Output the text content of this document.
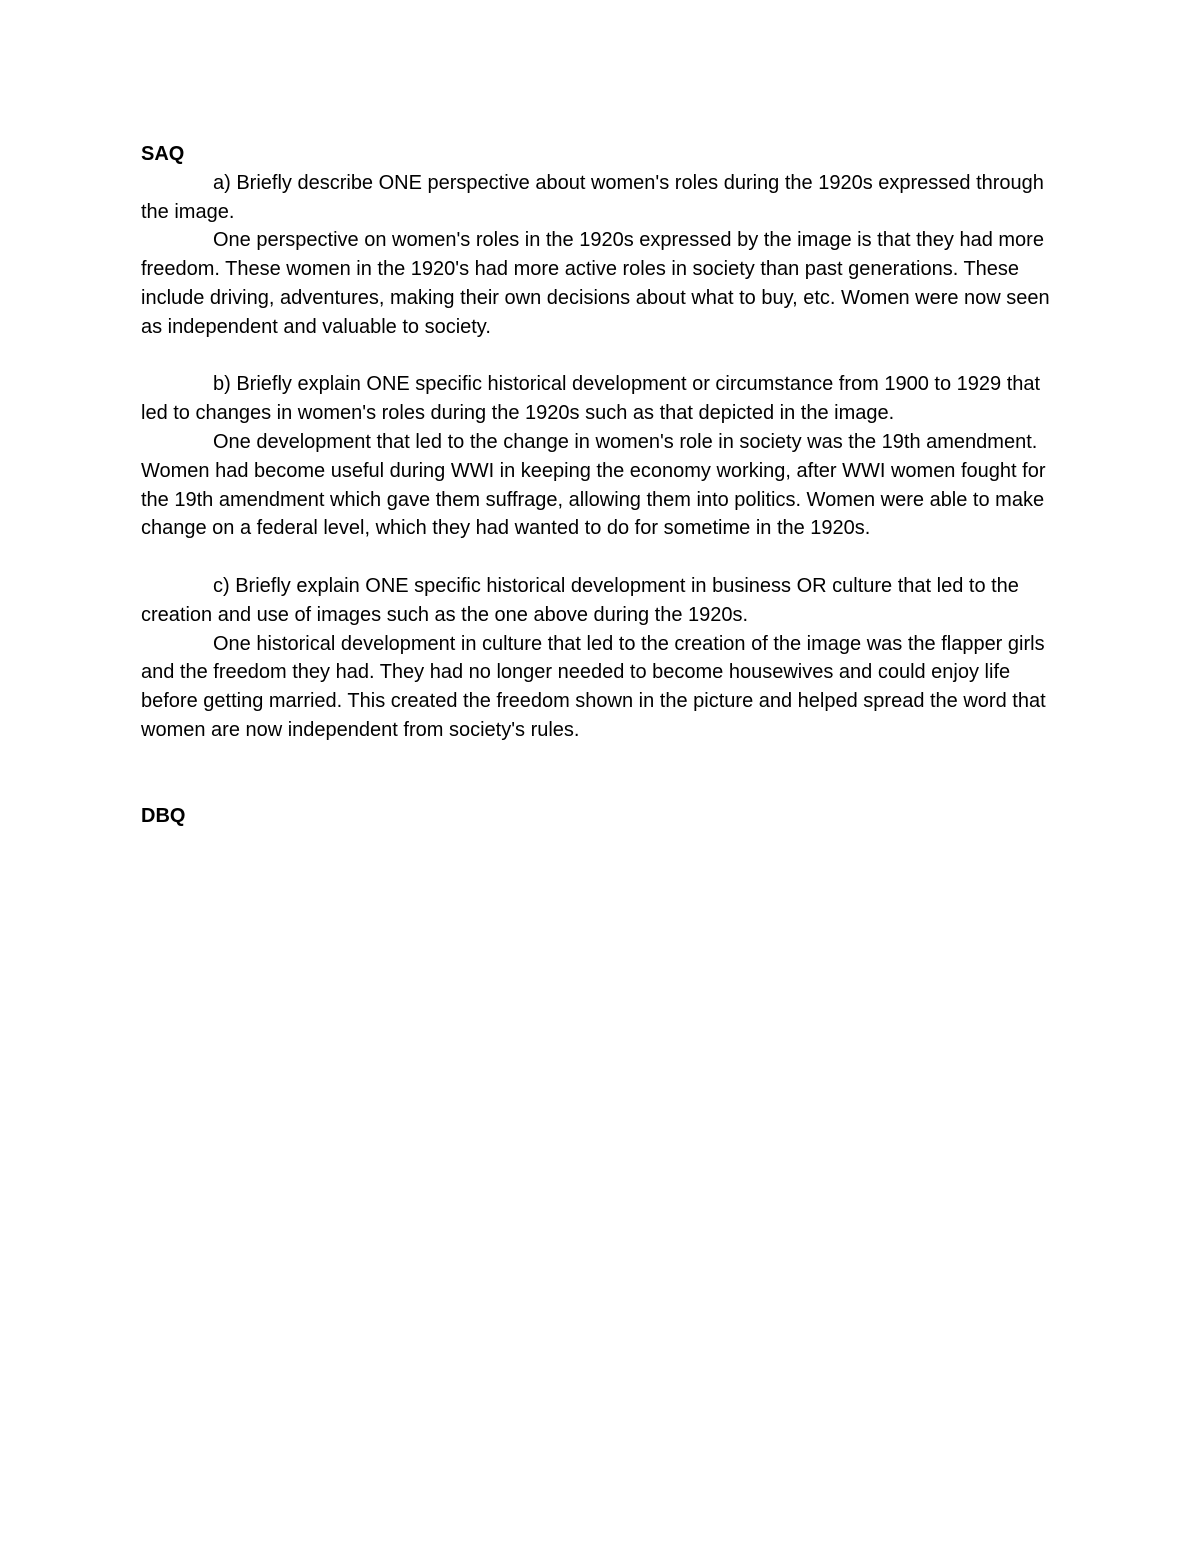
SAQ

a) Briefly describe ONE perspective about women's roles during the 1920s expressed through the image.

One perspective on women's roles in the 1920s expressed by the image is that they had more freedom. These women in the 1920's had more active roles in society than past generations. These include driving, adventures, making their own decisions about what to buy, etc. Women were now seen as independent and valuable to society.

b) Briefly explain ONE specific historical development or circumstance from 1900 to 1929 that led to changes in women's roles during the 1920s such as that depicted in the image.

One development that led to the change in women's role in society was the 19th amendment. Women had become useful during WWI in keeping the economy working, after WWI women fought for the 19th amendment which gave them suffrage, allowing them into politics. Women were able to make change on a federal level, which they had wanted to do for sometime in the 1920s.

c) Briefly explain ONE specific historical development in business OR culture that led to the creation and use of images such as the one above during the 1920s.

One historical development in culture that led to the creation of the image was the flapper girls and the freedom they had. They had no longer needed to become housewives and could enjoy life before getting married. This created the freedom shown in the picture and helped spread the word that women are now independent from society's rules.

DBQ
